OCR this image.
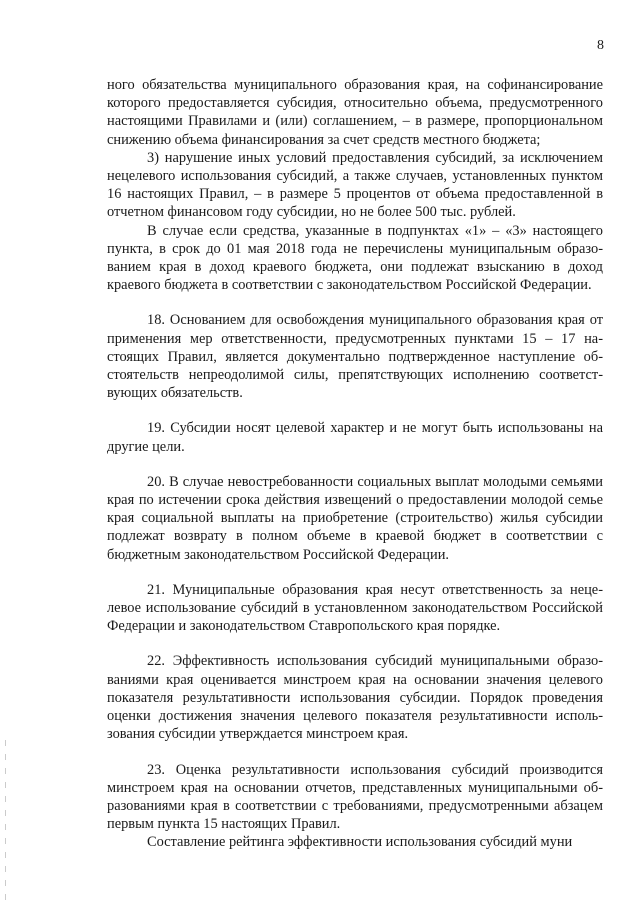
8

ного обязательства муниципального образования края, на софинансирование которого предоставляется субсидия, относительно объема, предусмотренного настоящими Правилами и (или) соглашением, – в размере, пропорциональном снижению объема финансирования за счет средств местного бюджета;

3) нарушение иных условий предоставления субсидий, за исключением нецелевого использования субсидий, а также случаев, установленных пунктом 16 настоящих Правил, – в размере 5 процентов от объема предоставленной в отчетном финансовом году субсидии, но не более 500 тыс. рублей.

В случае если средства, указанные в подпунктах «1» – «3» настоящего пункта, в срок до 01 мая 2018 года не перечислены муниципальным образованием края в доход краевого бюджета, они подлежат взысканию в доход краевого бюджета в соответствии с законодательством Российской Федерации.

18. Основанием для освобождения муниципального образования края от применения мер ответственности, предусмотренных пунктами 15 – 17 настоящих Правил, является документально подтвержденное наступление обстоятельств непреодолимой силы, препятствующих исполнению соответствующих обязательств.

19. Субсидии носят целевой характер и не могут быть использованы на другие цели.

20. В случае невостребованности социальных выплат молодыми семьями края по истечении срока действия извещений о предоставлении молодой семье края социальной выплаты на приобретение (строительство) жилья субсидии подлежат возврату в полном объеме в краевой бюджет в соответствии с бюджетным законодательством Российской Федерации.

21. Муниципальные образования края несут ответственность за нецелевое использование субсидий в установленном законодательством Российской Федерации и законодательством Ставропольского края порядке.

22. Эффективность использования субсидий муниципальными образованиями края оценивается минстроем края на основании значения целевого показателя результативности использования субсидии. Порядок проведения оценки достижения значения целевого показателя результативности использования субсидии утверждается минстроем края.

23. Оценка результативности использования субсидий производится минстроем края на основании отчетов, представленных муниципальными образованиями края в соответствии с требованиями, предусмотренными абзацем первым пункта 15 настоящих Правил.

Составление рейтинга эффективности использования субсидий муни
